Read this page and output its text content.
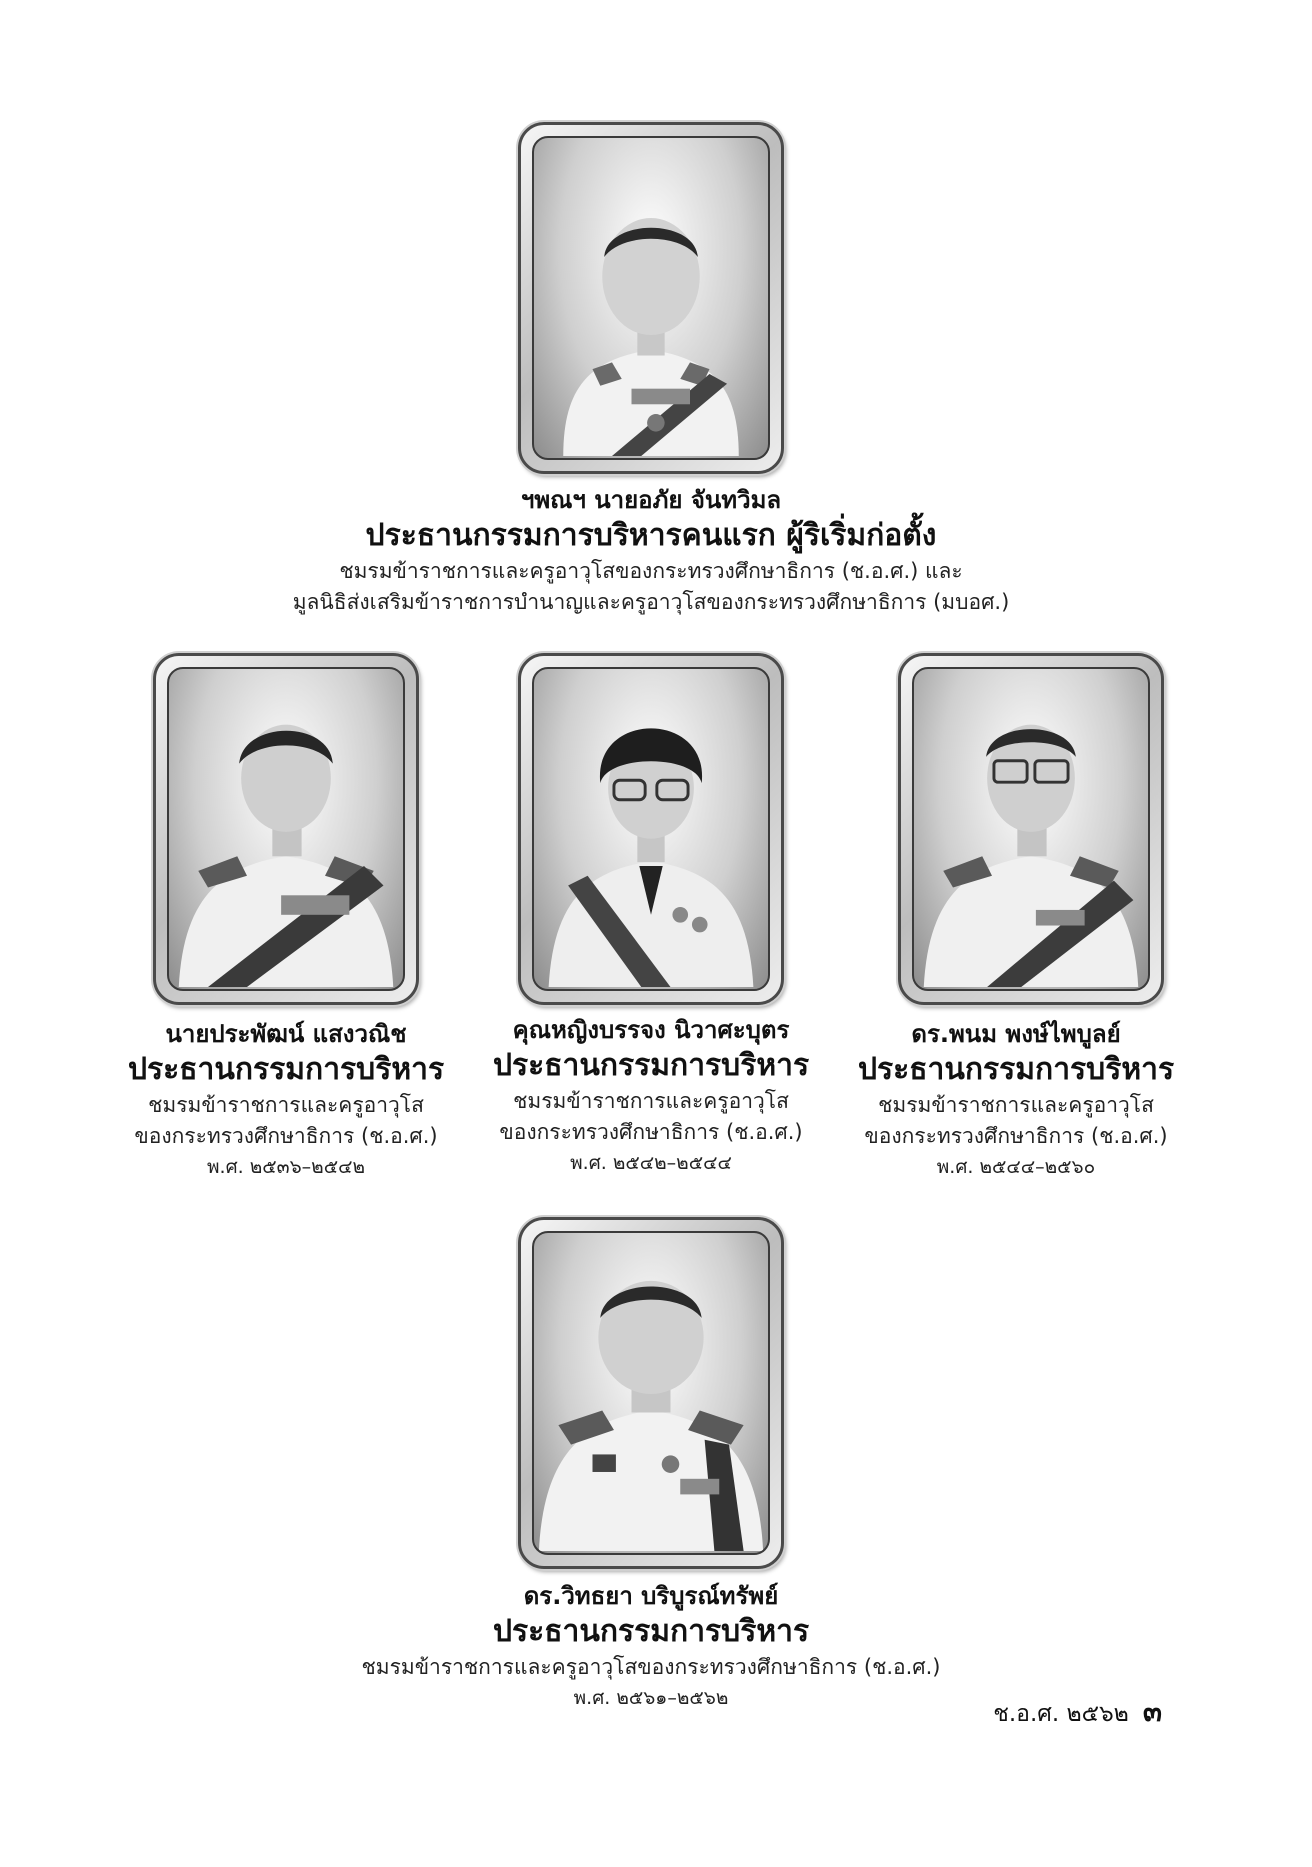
ฯพณฯ นายอภัย จันทวิมล
ประธานกรรมการบริหารคนแรก ผู้ริเริ่มก่อตั้ง
ชมรมข้าราชการและครูอาวุโสของกระทรวงศึกษาธิการ (ช.อ.ศ.) และ
มูลนิธิส่งเสริมข้าราชการบำนาญและครูอาวุโสของกระทรวงศึกษาธิการ (มบอศ.)
นายประพัฒน์ แสงวณิช
ประธานกรรมการบริหาร
ชมรมข้าราชการและครูอาวุโส
ของกระทรวงศึกษาธิการ (ช.อ.ศ.)
พ.ศ. ๒๕๓๖–๒๕๔๒
คุณหญิงบรรจง นิวาศะบุตร
ประธานกรรมการบริหาร
ชมรมข้าราชการและครูอาวุโส
ของกระทรวงศึกษาธิการ (ช.อ.ศ.)
พ.ศ. ๒๕๔๒–๒๕๔๔
ดร.พนม พงษ์ไพบูลย์
ประธานกรรมการบริหาร
ชมรมข้าราชการและครูอาวุโส
ของกระทรวงศึกษาธิการ (ช.อ.ศ.)
พ.ศ. ๒๕๔๔–๒๕๖๐
ดร.วิทธยา บริบูรณ์ทรัพย์
ประธานกรรมการบริหาร
ชมรมข้าราชการและครูอาวุโสของกระทรวงศึกษาธิการ (ช.อ.ศ.)
พ.ศ. ๒๕๖๑–๒๕๖๒
ช.อ.ศ. ๒๕๖๒ ๓
